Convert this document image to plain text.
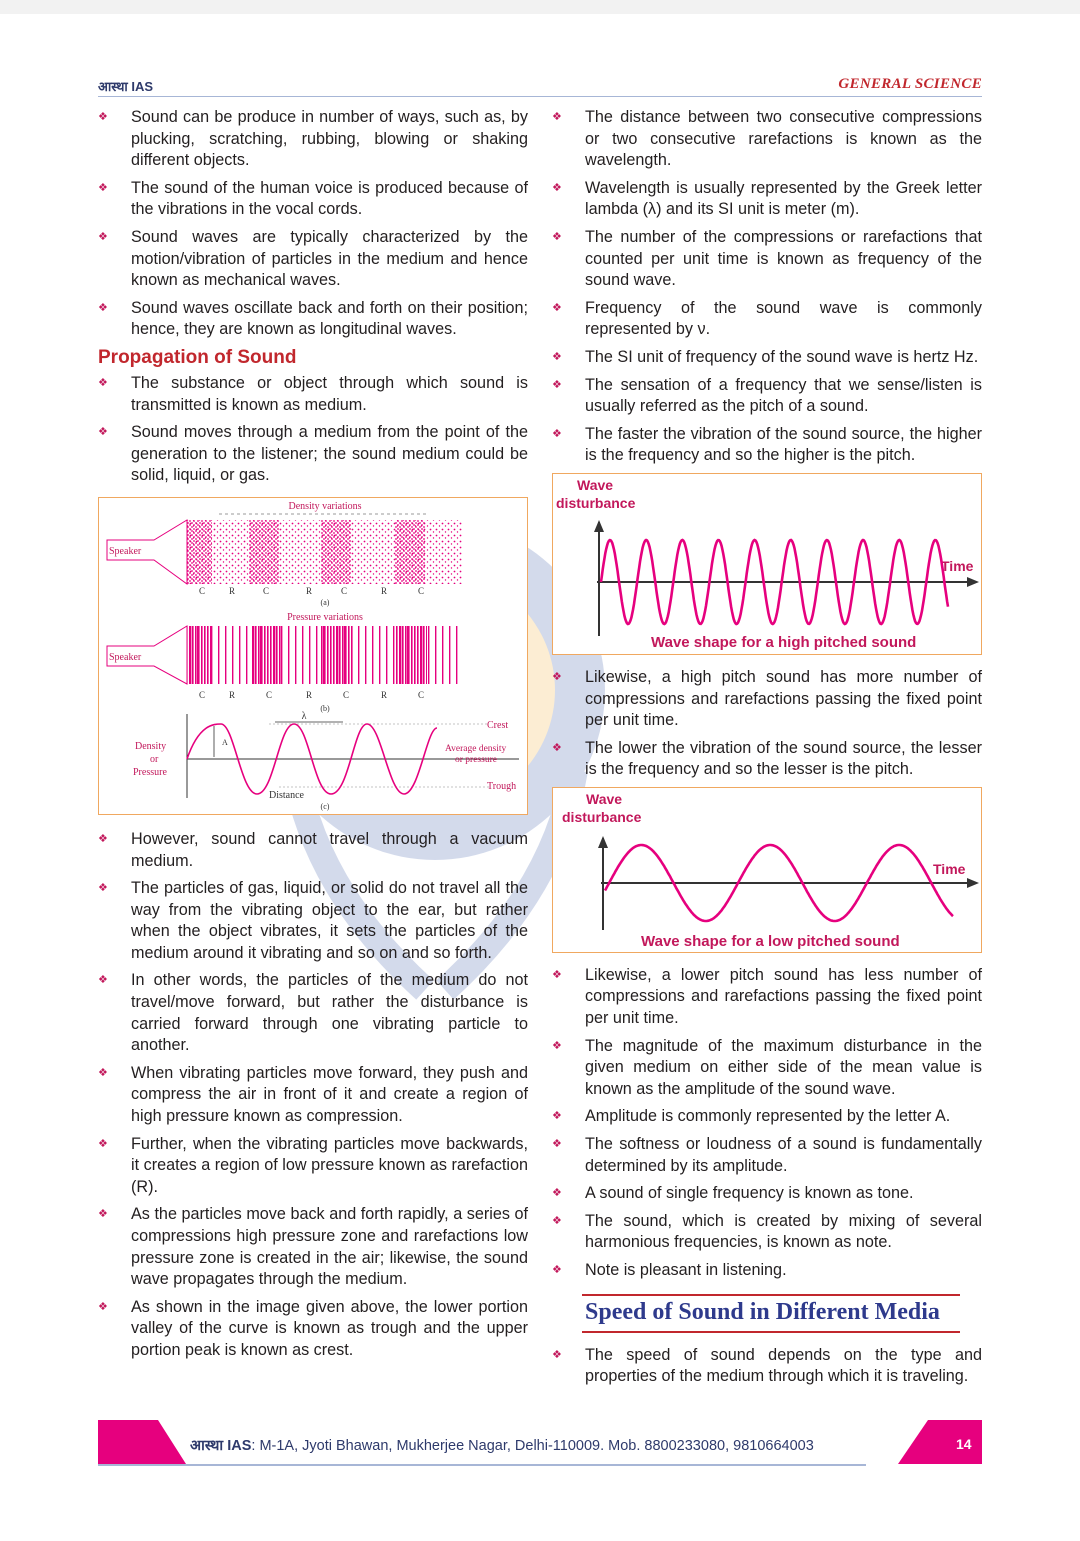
आस्था IAS	GENERAL SCIENCE
❖ Sound can be produce in number of ways, such as, by plucking, scratching, rubbing, blowing or shaking different objects.
❖ The sound of the human voice is produced because of the vibrations in the vocal cords.
❖ Sound waves are typically characterized by the motion/vibration of particles in the medium and hence known as mechanical waves.
❖ Sound waves oscillate back and forth on their position; hence, they are known as longitudinal waves.
Propagation of Sound
❖ The substance or object through which sound is transmitted is known as medium.
❖ Sound moves through a medium from the point of the generation to the listener; the sound medium could be solid, liquid, or gas.
Density variations
Speaker
C	R	C	R	C	R	C
(a)
Pressure variations
Speaker
C	R	C	R	C	R	C
(b)
λ
A
Crest
Average density
or pressure
Trough
Density
or
Pressure
Distance
(c)
❖ However, sound cannot travel through a vacuum medium.
❖ The particles of gas, liquid, or solid do not travel all the way from the vibrating object to the ear, but rather when the object vibrates, it sets the particles of the medium around it vibrating and so on and so forth.
❖ In other words, the particles of the medium do not travel/move forward, but rather the disturbance is carried forward through one vibrating particle to another.
❖ When vibrating particles move forward, they push and compress the air in front of it and create a region of high pressure known as compression.
❖ Further, when the vibrating particles move backwards, it creates a region of low pressure known as rarefaction (R).
❖ As the particles move back and forth rapidly, a series of compressions high pressure zone and rarefactions low pressure zone is created in the air; likewise, the sound wave propagates through the medium.
❖ As shown in the image given above, the lower portion valley of the curve is known as trough and the upper portion peak is known as crest.
❖ The distance between two consecutive compressions or two consecutive rarefactions is known as the wavelength.
❖ Wavelength is usually represented by the Greek letter lambda (λ) and its SI unit is meter (m).
❖ The number of the compressions or rarefactions that counted per unit time is known as frequency of the sound wave.
❖ Frequency of the sound wave is commonly represented by ν.
❖ The SI unit of frequency of the sound wave is hertz Hz.
❖ The sensation of a frequency that we sense/listen is usually referred as the pitch of a sound.
❖ The faster the vibration of the sound source, the higher is the frequency and so the higher is the pitch.
Wave
disturbance
Time
Wave shape for a high pitched sound
❖ Likewise, a high pitch sound has more number of compressions and rarefactions passing the fixed point per unit time.
❖ The lower the vibration of the sound source, the lesser is the frequency and so the lesser is the pitch.
Wave
disturbance
Time
Wave shape for a low pitched sound
❖ Likewise, a lower pitch sound has less number of compressions and rarefactions passing the fixed point per unit time.
❖ The magnitude of the maximum disturbance in the given medium on either side of the mean value is known as the amplitude of the sound wave.
❖ Amplitude is commonly represented by the letter A.
❖ The softness or loudness of a sound is fundamentally determined by its amplitude.
❖ A sound of single frequency is known as tone.
❖ The sound, which is created by mixing of several harmonious frequencies, is known as note.
❖ Note is pleasant in listening.
Speed of Sound in Different Media
❖ The speed of sound depends on the type and properties of the medium through which it is traveling.
आस्था IAS: M-1A, Jyoti Bhawan, Mukherjee Nagar, Delhi-110009. Mob. 8800233080, 9810664003	14
